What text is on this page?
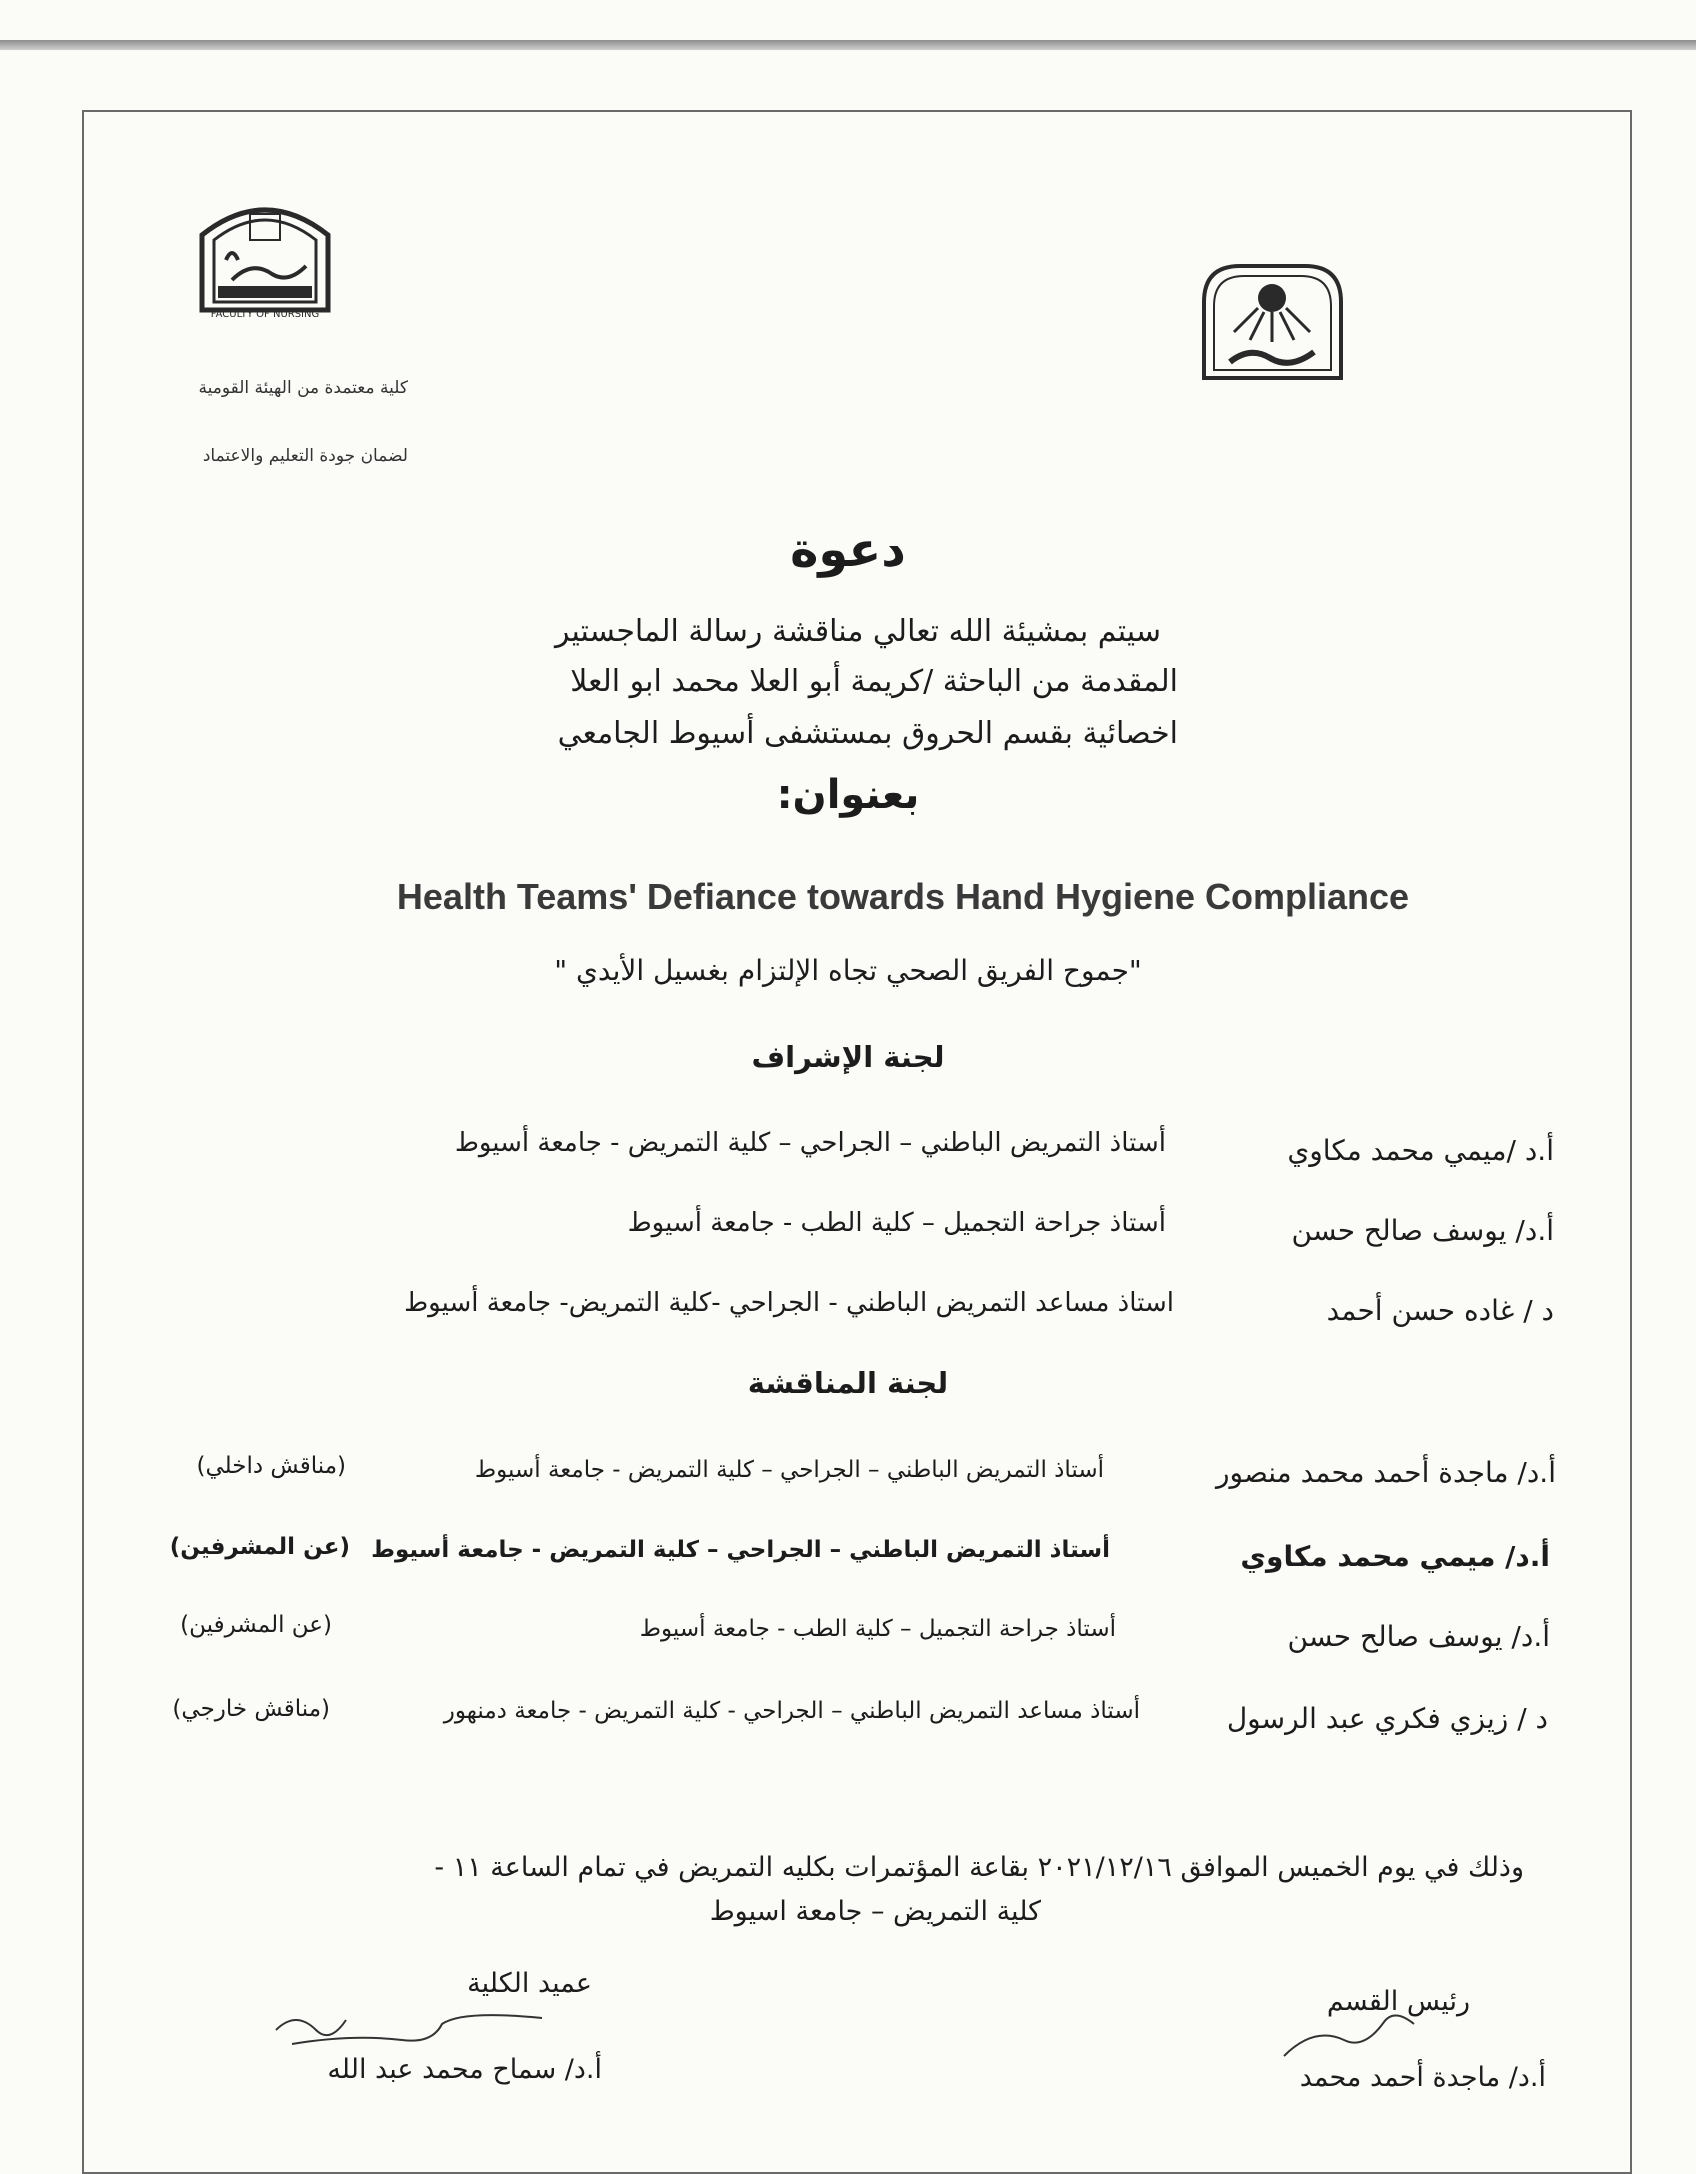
FACULTY OF NURSING
كلية معتمدة من الهيئة القومية
لضمان جودة التعليم والاعتماد
دعوة
سيتم بمشيئة الله تعالي مناقشة رسالة الماجستير
المقدمة من الباحثة /كريمة أبو العلا محمد ابو العلا
اخصائية بقسم الحروق بمستشفى أسيوط الجامعي
بعنوان:
Health Teams' Defiance towards Hand Hygiene Compliance
"جموح الفريق الصحي تجاه الإلتزام بغسيل الأيدي "
لجنة الإشراف
أ.د /ميمي محمد مكاوي
أستاذ التمريض الباطني – الجراحي – كلية التمريض - جامعة أسيوط
أ.د/ يوسف صالح حسن
أستاذ جراحة التجميل – كلية الطب - جامعة أسيوط
د / غاده حسن أحمد
استاذ مساعد التمريض الباطني - الجراحي -كلية التمريض- جامعة أسيوط
لجنة المناقشة
أ.د/ ماجدة أحمد محمد منصور
أستاذ التمريض الباطني – الجراحي – كلية التمريض - جامعة أسيوط
(مناقش داخلي)
أ.د/ ميمي محمد مكاوي
أستاذ التمريض الباطني – الجراحي – كلية التمريض - جامعة أسيوط
(عن المشرفين)
أ.د/ يوسف صالح حسن
أستاذ جراحة التجميل – كلية الطب - جامعة أسيوط
(عن المشرفين)
د / زيزي فكري عبد الرسول
أستاذ مساعد التمريض الباطني – الجراحي - كلية التمريض - جامعة دمنهور
(مناقش خارجي)
وذلك في يوم الخميس الموافق ٢٠٢١/١٢/١٦ بقاعة المؤتمرات بكليه التمريض في تمام الساعة ١١ -
كلية التمريض – جامعة اسيوط
رئيس القسم
أ.د/ ماجدة أحمد محمد
عميد الكلية
أ.د/ سماح محمد عبد الله
